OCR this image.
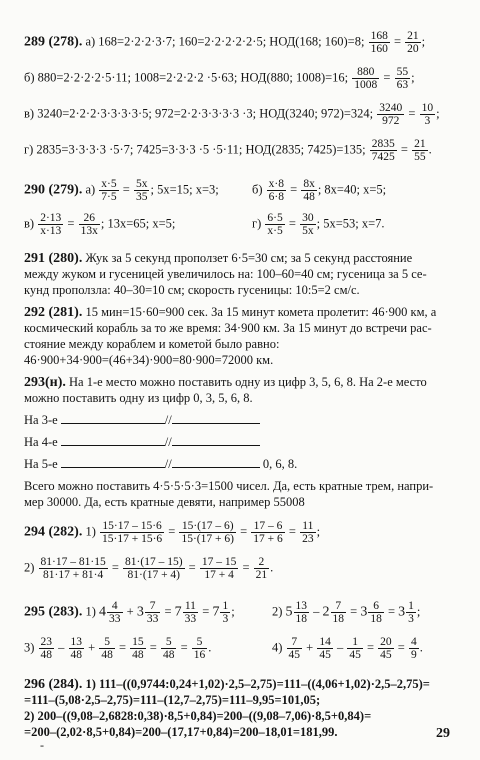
289 (278). а) 168=2·2·2·3·7; 160=2·2·2·2·2·5; НОД(168; 160)=8; $\frac{168}{160} = \frac{21}{20}$ ;
б) 880=2·2·2·2·5·11; 1008=2·2·2·2 ·5·63; НОД(880; 1008)=16; $\frac{880}{1008} = \frac{55}{63}$ ;
в) 3240=2·2·2·3·3·3·3·5; 972=2·2·3·3·3·3 ·3; НОД(3240; 972)=324; $\frac{3240}{972} = \frac{10}{3}$ ;
г) 2835=3·3·3·3 ·5·7; 7425=3·3·3 ·5 ·5·11; НОД(2835; 7425)=135; $\frac{2835}{7425} = \frac{21}{55}$ .
290 (279). $а) \frac{x\cdot 5}{7\cdot 5} = \frac{5x}{35}$ ; 5x=15; x=3;	$б) \frac{x\cdot 8}{6\cdot 8} = \frac{8x}{48}$ ; 8x=40; x=5;
$в) \frac{2\cdot 13}{x\cdot 13} = \frac{26}{13x}$ ; 13x=65; x=5;	$г) \frac{6\cdot 5}{x\cdot 5} = \frac{30}{5x}$ ; 5x=53; x=7.
291 (280). Жук за 5 секунд проползет 6·5=30 см; за 5 секунд расстояние
между жуком и гусеницей увеличилось на: 100–60=40 см; гусеница за 5 се-
кунд проползла: 40–30=10 см; скорость гусеницы: 10:5=2 см/с.
292 (281). 15 мин=15·60=900 сек. За 15 минут комета пролетит: 46·900 км, а
космический корабль за то же время: 34·900 км. За 15 минут до встречи рас-
стояние между кораблем и кометой было равно:
46·900+34·900=(46+34)·900=80·900=72000 км.
293(н). На 1-е место можно поставить одну из цифр 3, 5, 6, 8. На 2-е место
можно поставить одну из цифр 0, 3, 5, 6, 8.
На 3-е	//
На 4-е	//
На 5-е	//	0, 6, 8.
Всего можно поставить 4·5·5·5·3=1500 чисел. Да, есть кратные трем, напри-
мер 30000. Да, есть кратные девяти, например 55008
294 (282). $1) \frac{15\cdot 17 - 15\cdot 6}{15\cdot 17 + 15\cdot 6} = \frac{15\cdot(17 - 6)}{15\cdot(17 + 6)} = \frac{17 - 6}{17 + 6} = \frac{11}{23}$ ;
$2) \frac{81\cdot 17 - 81\cdot 15}{81\cdot 17 + 81\cdot 4} = \frac{81\cdot(17 - 15)}{81\cdot(17 + 4)} = \frac{17 - 15}{17 + 4} = \frac{2}{21}$ .
295 (283). 1) $4 \frac{4}{33} + 3 \frac{7}{33} = 7 \frac{11}{33} = 7 \frac{1}{3}$ ;	2) $5 \frac{13}{18} - 2 \frac{7}{18} = 3 \frac{6}{18} = 3 \frac{1}{3}$ ;
$3) \frac{23}{48} - \frac{13}{48} + \frac{5}{48} = \frac{15}{48} = \frac{5}{48} = \frac{5}{16}$ .	$4) \frac{7}{45} + \frac{14}{45} - \frac{1}{45} = \frac{20}{45} = \frac{4}{9}$ .
296 (284). 1) 111–((0,9744:0,24+1,02)·2,5–2,75)=111–((4,06+1,02)·2,5–2,75)=
=111–(5,08·2,5–2,75)=111–(12,7–2,75)=111–9,95=101,05;
2) 200–((9,08–2,6828:0,38)·8,5+0,84)=200–((9,08–7,06)·8,5+0,84)=
=200–(2,02·8,5+0,84)=200–(17,17+0,84)=200–18,01=181,99.	29
-
